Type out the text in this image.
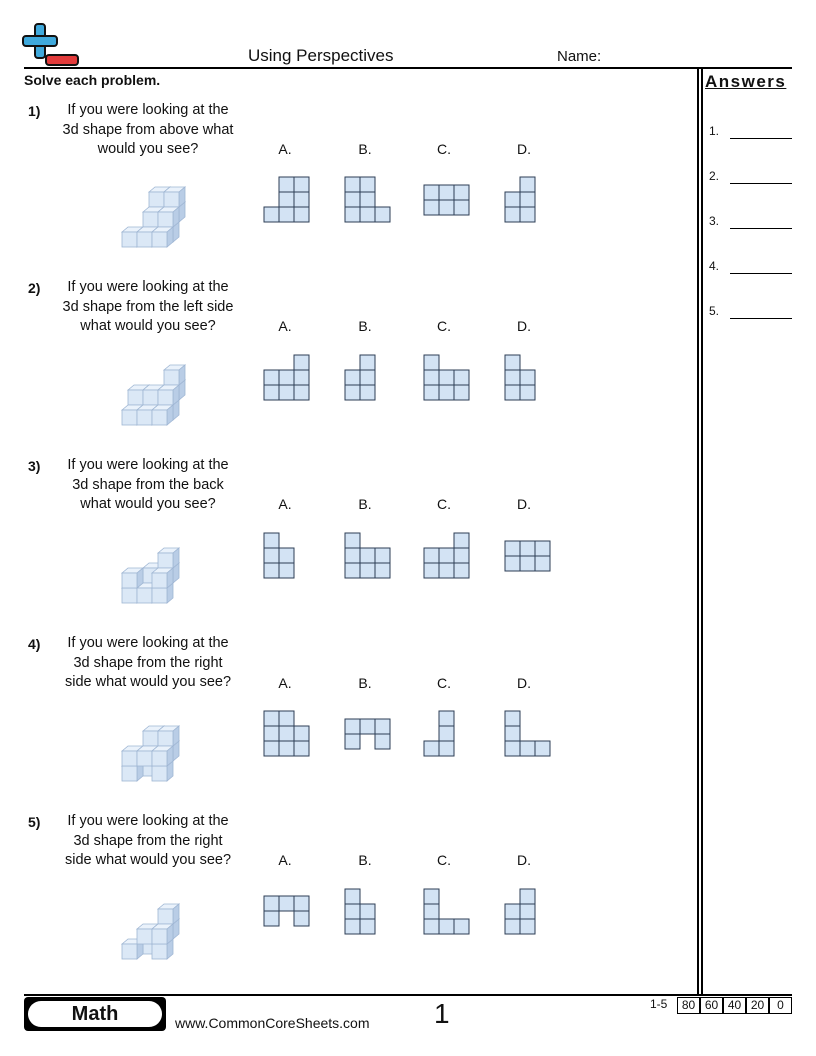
Using Perspectives	Name:
Solve each problem.	Answers
1.
2.
3.
4.
5.
1)	If you were looking at the
3d shape from above what
would you see?
2)	If you were looking at the
3d shape from the left side
what would you see?
3)	If you were looking at the
3d shape from the back
what would you see?
4)	If you were looking at the
3d shape from the right
side what would you see?
5)	If you were looking at the
3d shape from the right
side what would you see?
A.	B.	C.	D.
A.	B.	C.	D.
A.	B.	C.	D.
A.	B.	C.	D.
A.	B.	C.	D.
Math	www.CommonCoreSheets.com 1	1-5	80 60 40 20	0
